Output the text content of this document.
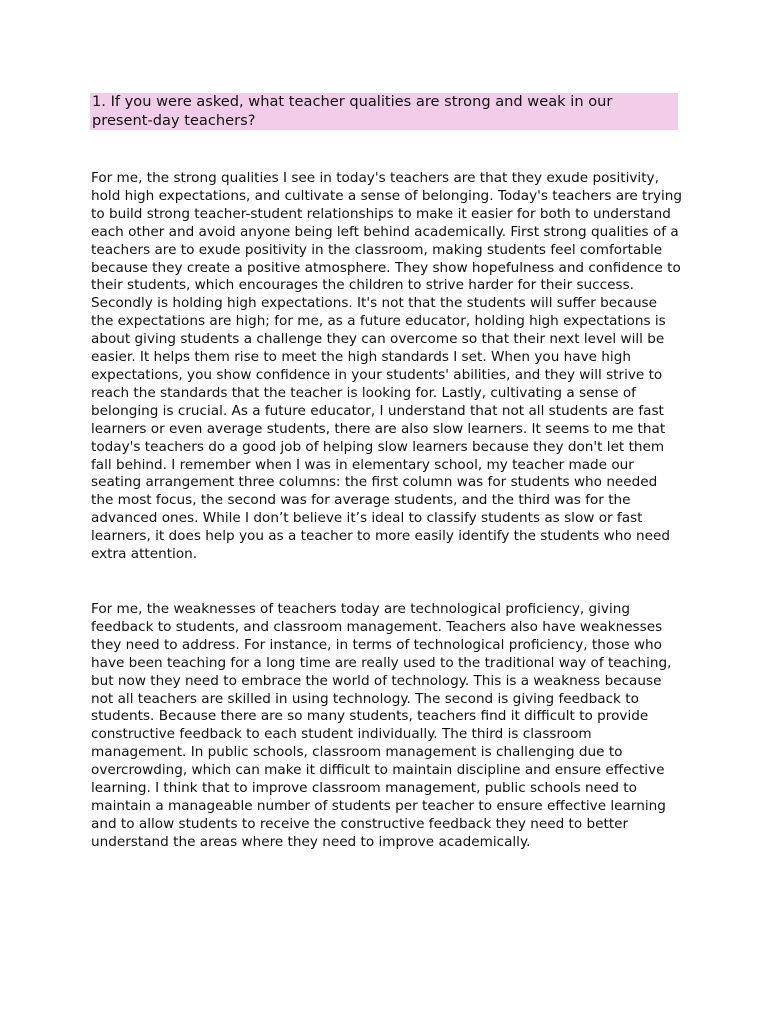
1. If you were asked, what teacher qualities are strong and weak in our present-day teachers?

For me, the strong qualities I see in today's teachers are that they exude positivity, hold high expectations, and cultivate a sense of belonging. Today's teachers are trying to build strong teacher-student relationships to make it easier for both to understand each other and avoid anyone being left behind academically. First strong qualities of a teachers are to exude positivity in the classroom, making students feel comfortable because they create a positive atmosphere. They show hopefulness and confidence to their students, which encourages the children to strive harder for their success. Secondly is holding high expectations. It's not that the students will suffer because the expectations are high; for me, as a future educator, holding high expectations is about giving students a challenge they can overcome so that their next level will be easier. It helps them rise to meet the high standards I set. When you have high expectations, you show confidence in your students' abilities, and they will strive to reach the standards that the teacher is looking for. Lastly, cultivating a sense of belonging is crucial. As a future educator, I understand that not all students are fast learners or even average students, there are also slow learners. It seems to me that today's teachers do a good job of helping slow learners because they don't let them fall behind. I remember when I was in elementary school, my teacher made our seating arrangement three columns: the first column was for students who needed the most focus, the second was for average students, and the third was for the advanced ones. While I don’t believe it’s ideal to classify students as slow or fast learners, it does help you as a teacher to more easily identify the students who need extra attention.

For me, the weaknesses of teachers today are technological proficiency, giving feedback to students, and classroom management. Teachers also have weaknesses they need to address. For instance, in terms of technological proficiency, those who have been teaching for a long time are really used to the traditional way of teaching, but now they need to embrace the world of technology. This is a weakness because not all teachers are skilled in using technology. The second is giving feedback to students. Because there are so many students, teachers find it difficult to provide constructive feedback to each student individually. The third is classroom management. In public schools, classroom management is challenging due to overcrowding, which can make it difficult to maintain discipline and ensure effective learning. I think that to improve classroom management, public schools need to maintain a manageable number of students per teacher to ensure effective learning and to allow students to receive the constructive feedback they need to better understand the areas where they need to improve academically.
